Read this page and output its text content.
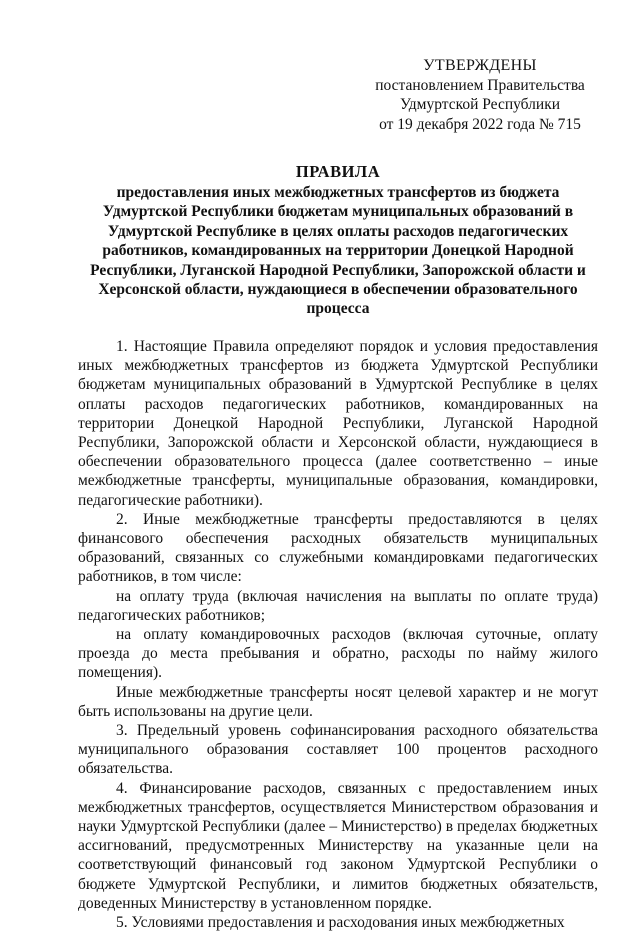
УТВЕРЖДЕНЫ
постановлением Правительства
Удмуртской Республики
от 19 декабря 2022 года № 715
ПРАВИЛА
предоставления иных межбюджетных трансфертов из бюджета Удмуртской Республики бюджетам муниципальных образований в Удмуртской Республике в целях оплаты расходов педагогических работников, командированных на территории Донецкой Народной Республики, Луганской Народной Республики, Запорожской области и Херсонской области, нуждающиеся в обеспечении образовательного процесса

1. Настоящие Правила определяют порядок и условия предоставления иных межбюджетных трансфертов из бюджета Удмуртской Республики бюджетам муниципальных образований в Удмуртской Республике в целях оплаты расходов педагогических работников, командированных на территории Донецкой Народной Республики, Луганской Народной Республики, Запорожской области и Херсонской области, нуждающиеся в обеспечении образовательного процесса (далее соответственно – иные межбюджетные трансферты, муниципальные образования, командировки, педагогические работники).

2. Иные межбюджетные трансферты предоставляются в целях финансового обеспечения расходных обязательств муниципальных образований, связанных со служебными командировками педагогических работников, в том числе:

на оплату труда (включая начисления на выплаты по оплате труда) педагогических работников;

на оплату командировочных расходов (включая суточные, оплату проезда до места пребывания и обратно, расходы по найму жилого помещения).

Иные межбюджетные трансферты носят целевой характер и не могут быть использованы на другие цели.

3. Предельный уровень софинансирования расходного обязательства муниципального образования составляет 100 процентов расходного обязательства.

4. Финансирование расходов, связанных с предоставлением иных межбюджетных трансфертов, осуществляется Министерством образования и науки Удмуртской Республики (далее – Министерство) в пределах бюджетных ассигнований, предусмотренных Министерству на указанные цели на соответствующий финансовый год законом Удмуртской Республики о бюджете Удмуртской Республики, и лимитов бюджетных обязательств, доведенных Министерству в установленном порядке.

5. Условиями предоставления и расходования иных межбюджетных
